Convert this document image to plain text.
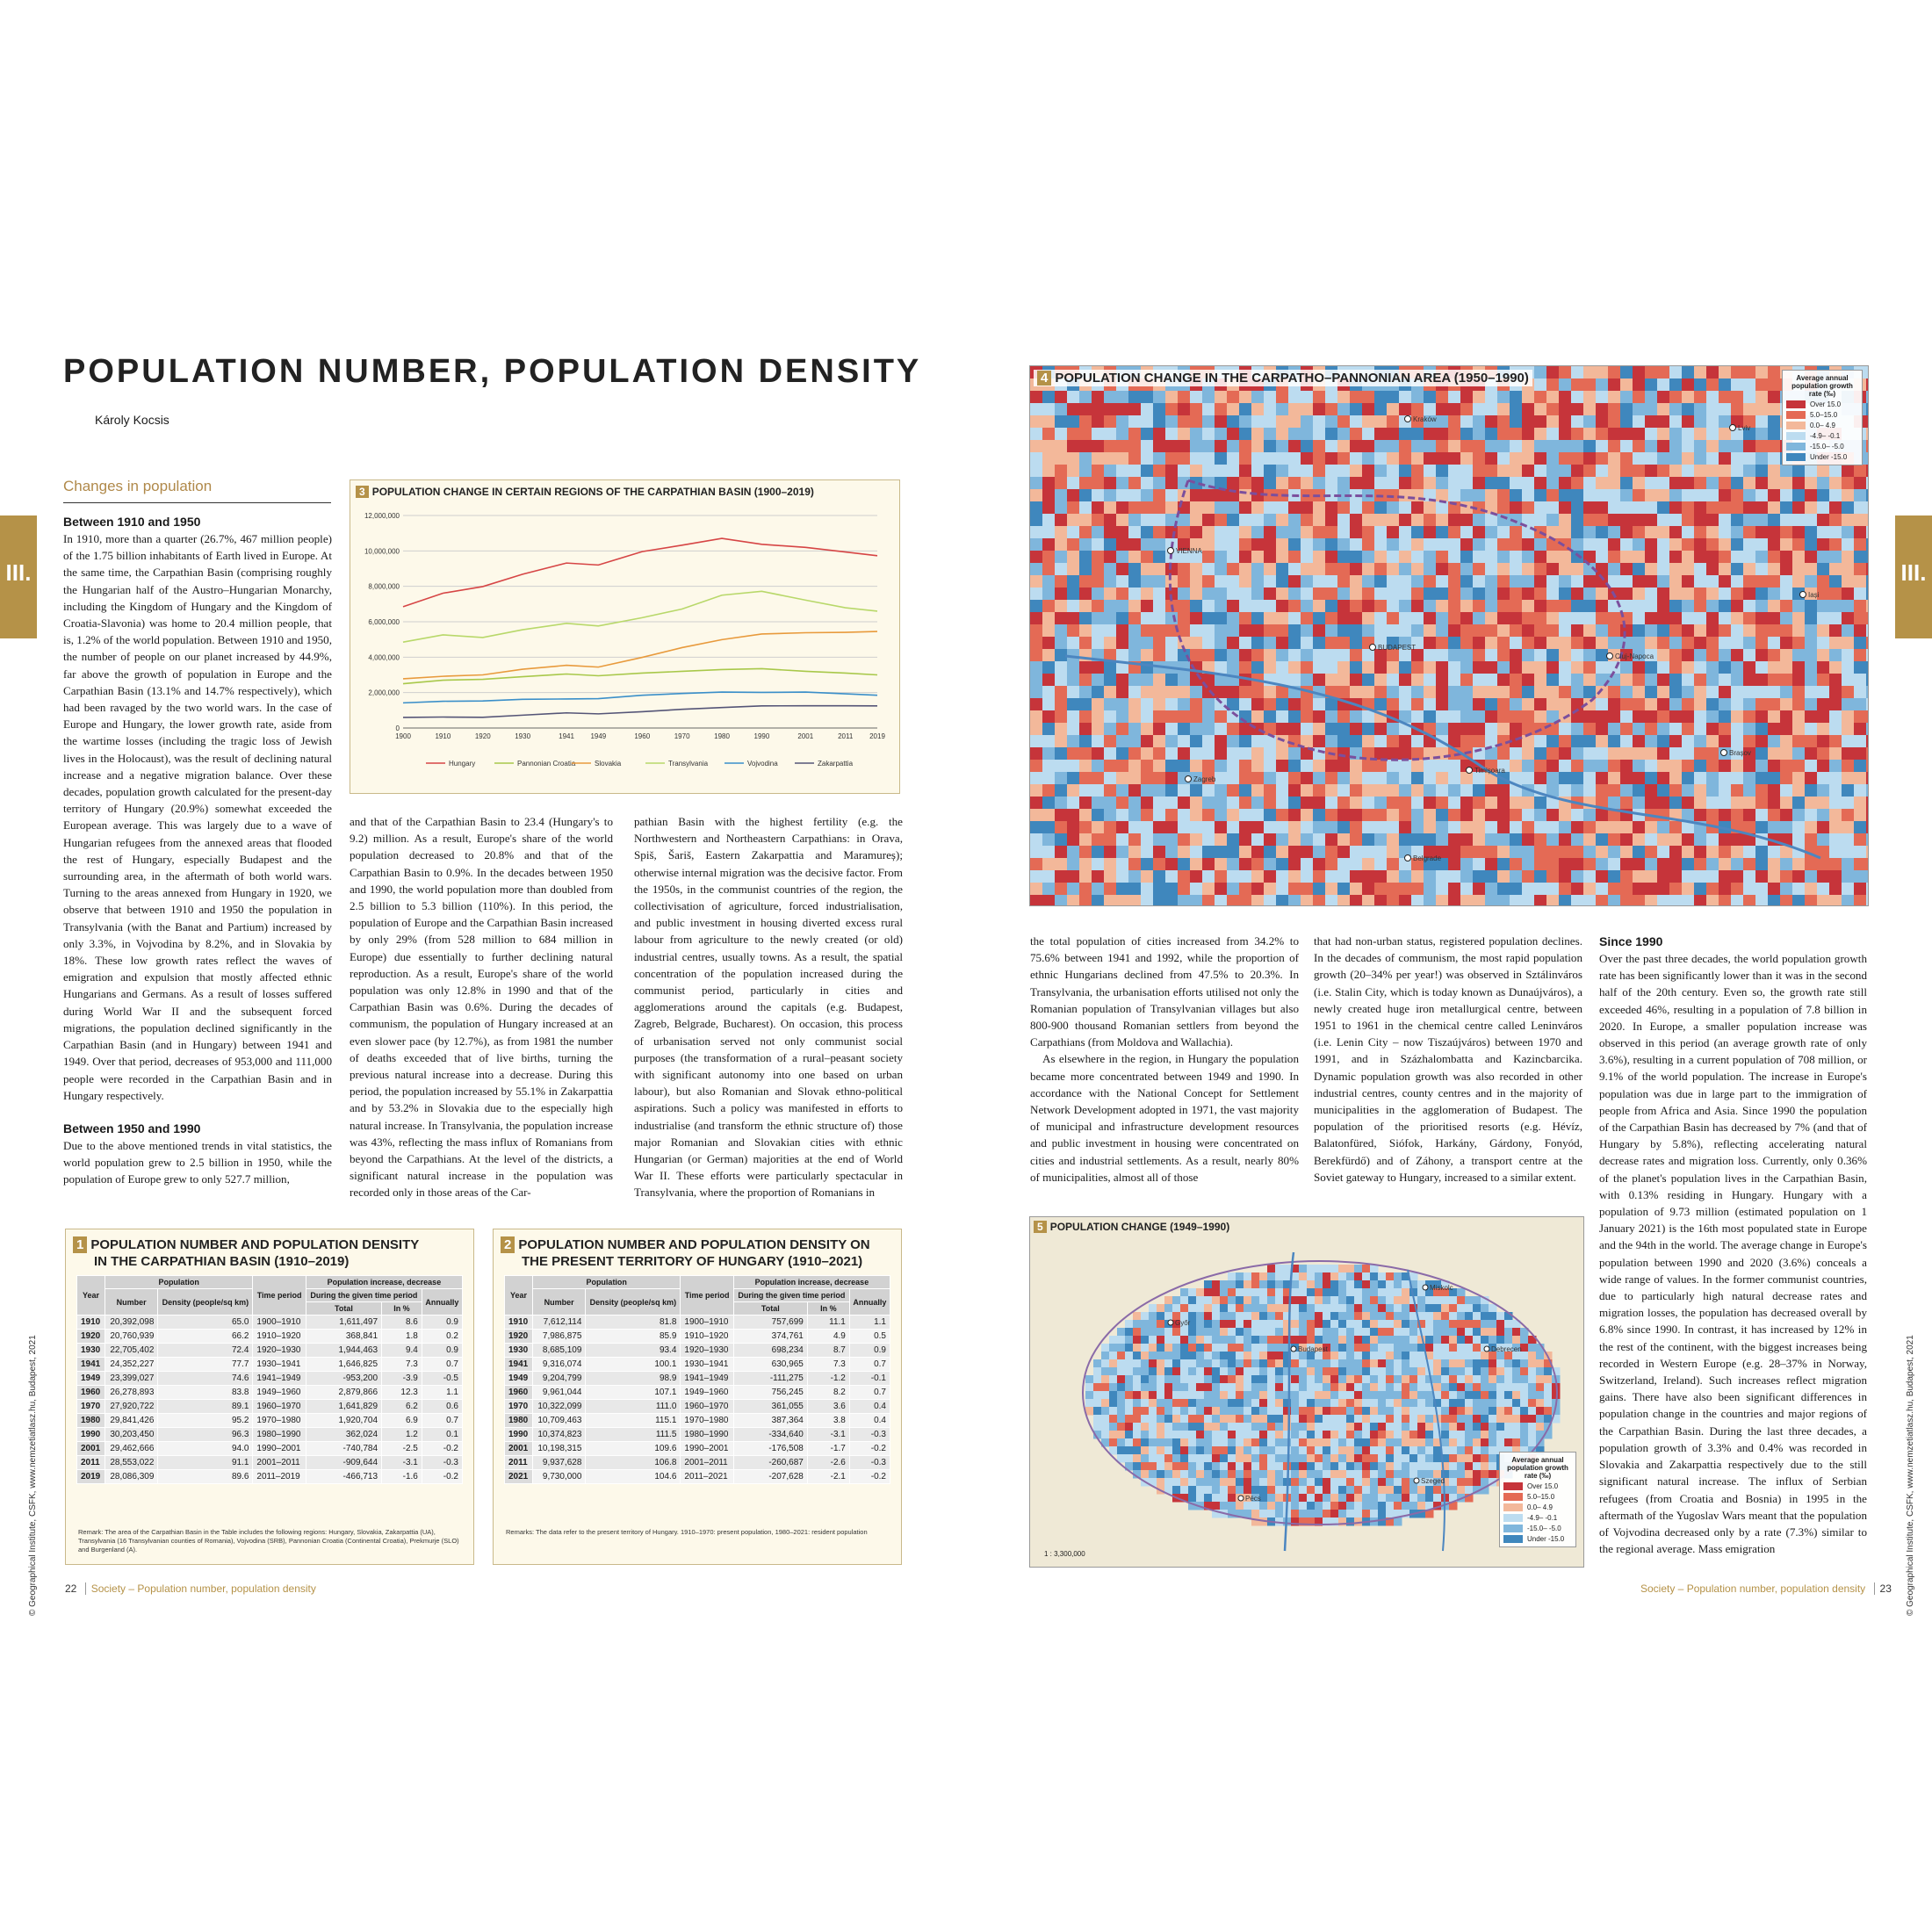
POPULATION NUMBER, POPULATION DENSITY
Károly Kocsis
Changes in population
III.	III.
© Geographical Institute, CSFK, www.nemzetiatlasz.hu, Budapest, 2021	© Geographical Institute, CSFK, www.nemzetiatlasz.hu, Budapest, 2021
Between 1910 and 1950

In 1910, more than a quarter (26.7%, 467 million people) of the 1.75 billion inhabitants of Earth lived in Europe. At the same time, the Carpathian Basin (comprising roughly the Hungarian half of the Austro–Hungarian Monarchy, including the Kingdom of Hungary and the Kingdom of Croatia-Slavonia) was home to 20.4 million people, that is, 1.2% of the world population. Between 1910 and 1950, the number of people on our planet increased by 44.9%, far above the growth of population in Europe and the Carpathian Basin (13.1% and 14.7% respectively), which had been ravaged by the two world wars. In the case of Europe and Hungary, the lower growth rate, aside from the wartime losses (including the tragic loss of Jewish lives in the Holocaust), was the result of declining natural increase and a negative migration balance. Over these decades, population growth calculated for the present-day territory of Hungary (20.9%) somewhat exceeded the European average. This was largely due to a wave of Hungarian refugees from the annexed areas that flooded the rest of Hungary, especially Budapest and the surrounding area, in the aftermath of both world wars. Turning to the areas annexed from Hungary in 1920, we observe that between 1910 and 1950 the population in Transylvania (with the Banat and Partium) increased by only 3.3%, in Vojvodina by 8.2%, and in Slovakia by 18%. These low growth rates reflect the waves of emigration and expulsion that mostly affected ethnic Hungarians and Germans. As a result of losses suffered during World War II and the subsequent forced migrations, the population declined significantly in the Carpathian Basin (and in Hungary) between 1941 and 1949. Over that period, decreases of 953,000 and 111,000 people were recorded in the Carpathian Basin and in Hungary respectively.

Between 1950 and 1990

Due to the above mentioned trends in vital statistics, the world population grew to 2.5 billion in 1950, while the population of Europe grew to only 527.7 million,

3 POPULATION CHANGE IN CERTAIN REGIONS OF THE CARPATHIAN BASIN (1900–2019)
0
2,000,000
4,000,000
6,000,000
8,000,000
10,000,000
12,000,000
1900	1910	1920	1930	1941 1949	1960	1970	1980	1990	2001	2011 2019
Hungary	Pannonian Croatia	Slovakia	Transylvania	Vojvodina	Zakarpattia

and that of the Carpathian Basin to 23.4 (Hungary's to 9.2) million. As a result, Europe's share of the world population decreased to 20.8% and that of the Carpathian Basin to 0.9%. In the decades between 1950 and 1990, the world population more than doubled from 2.5 billion to 5.3 billion (110%). In this period, the population of Europe and the Carpathian Basin increased by only 29% (from 528 million to 684 million in Europe) due essentially to further declining natural reproduction. As a result, Europe's share of the world population was only 12.8% in 1990 and that of the Carpathian Basin was 0.6%. During the decades of communism, the population of Hungary increased at an even slower pace (by 12.7%), as from 1981 the number of deaths exceeded that of live births, turning the previous natural increase into a decrease. During this period, the population increased by 55.1% in Zakarpattia and by 53.2% in Slovakia due to the especially high natural increase. In Transylvania, the population increase was 43%, reflecting the mass influx of Romanians from beyond the Carpathians. At the level of the districts, a significant natural increase in the population was recorded only in those areas of the Car-

pathian Basin with the highest fertility (e.g. the Northwestern and Northeastern Carpathians: in Orava, Spiš, Šariš, Eastern Zakarpattia and Maramureș); otherwise internal migration was the decisive factor. From the 1950s, in the communist countries of the region, the collectivisation of agriculture, forced industrialisation, and public investment in housing diverted excess rural labour from agriculture to the newly created (or old) industrial centres, usually towns. As a result, the spatial concentration of the population increased during the communist period, particularly in cities and agglomerations around the capitals (e.g. Budapest, Zagreb, Belgrade, Bucharest). On occasion, this process of urbanisation served not only communist social purposes (the transformation of a rural–peasant society with significant autonomy into one based on urban labour), but also Romanian and Slovak ethno-political aspirations. Such a policy was manifested in efforts to industrialise (and transform the ethnic structure of) those major Romanian and Slovakian cities with ethnic Hungarian (or German) majorities at the end of World War II. These efforts were particularly spectacular in Transylvania, where the proportion of Romanians in

1 POPULATION NUMBER AND POPULATION DENSITY
IN THE CARPATHIAN BASIN (1910–2019)
Year	Population		Time period	Population increase, decrease		
	Number	Density (people/sq km)		During the given time period		Annually
				Total	In %	
1910	20,392,098	65.0	1900–1910	1,611,497	8.6	0.9
1920	20,760,939	66.2	1910–1920	368,841	1.8	0.2
1930	22,705,402	72.4	1920–1930	1,944,463	9.4	0.9
1941	24,352,227	77.7	1930–1941	1,646,825	7.3	0.7
1949	23,399,027	74.6	1941–1949	-953,200	-3.9	-0.5
1960	26,278,893	83.8	1949–1960	2,879,866	12.3	1.1
1970	27,920,722	89.1	1960–1970	1,641,829	6.2	0.6
1980	29,841,426	95.2	1970–1980	1,920,704	6.9	0.7
1990	30,203,450	96.3	1980–1990	362,024	1.2	0.1
2001	29,462,666	94.0	1990–2001	-740,784	-2.5	-0.2
2011	28,553,022	91.1	2001–2011	-909,644	-3.1	-0.3
2019	28,086,309	89.6	2011–2019	-466,713	-1.6	-0.2
Remark: The area of the Carpathian Basin in the Table includes the following regions: Hungary, Slovakia, Zakarpattia (UA), Transylvania (16 Transylvanian counties of Romania), Vojvodina (SRB), Pannonian Croatia (Continental Croatia), Prekmurje (SLO) and Burgenland (A).
2 POPULATION NUMBER AND POPULATION DENSITY ON
THE PRESENT TERRITORY OF HUNGARY (1910–2021)
Year	Population		Time period	Population increase, decrease		
	Number	Density (people/sq km)		During the given time period		Annually
				Total	In %	
1910	7,612,114	81.8	1900–1910	757,699	11.1	1.1
1920	7,986,875	85.9	1910–1920	374,761	4.9	0.5
1930	8,685,109	93.4	1920–1930	698,234	8.7	0.9
1941	9,316,074	100.1	1930–1941	630,965	7.3	0.7
1949	9,204,799	98.9	1941–1949	-111,275	-1.2	-0.1
1960	9,961,044	107.1	1949–1960	756,245	8.2	0.7
1970	10,322,099	111.0	1960–1970	361,055	3.6	0.4
1980	10,709,463	115.1	1970–1980	387,364	3.8	0.4
1990	10,374,823	111.5	1980–1990	-334,640	-3.1	-0.3
2001	10,198,315	109.6	1990–2001	-176,508	-1.7	-0.2
2011	9,937,628	106.8	2001–2011	-260,687	-2.6	-0.3
2021	9,730,000	104.6	2011–2021	-207,628	-2.1	-0.2
Remarks: The data refer to the present territory of Hungary. 1910–1970: present population, 1980–2021: resident population
22 Society – Population number, population density
BUDAPEST
VIENNA
Kraków
Lviv
Cluj-Napoca
Timișoara
Belgrade
Zagreb
Iași
Brașov
4 POPULATION CHANGE IN THE CARPATHO–PANNONIAN AREA (1950–1990)	Average annual population growth rate (‰)
Over 15.0
5.0–15.0
0.0– 4.9
-4.9– -0.1
-15.0– -5.0
Under -15.0

the total population of cities increased from 34.2% to 75.6% between 1941 and 1992, while the proportion of ethnic Hungarians declined from 47.5% to 20.3%. In Transylvania, the urbanisation efforts utilised not only the Romanian population of Transylvanian villages but also 800-900 thousand Romanian settlers from beyond the Carpathians (from Moldova and Wallachia).

As elsewhere in the region, in Hungary the population became more concentrated between 1949 and 1990. In accordance with the National Concept for Settlement Network Development adopted in 1971, the vast majority of municipal and infrastructure development resources and public investment in housing were concentrated on cities and industrial settlements. As a result, nearly 80% of municipalities, almost all of those

that had non-urban status, registered population declines. In the decades of communism, the most rapid population growth (20–34% per year!) was observed in Sztálinváros (i.e. Stalin City, which is today known as Dunaújváros), a newly created huge iron metallurgical centre, between 1951 to 1961 in the chemical centre called Leninváros (i.e. Lenin City – now Tiszaújváros) between 1970 and 1991, and in Százhalombatta and Kazincbarcika. Dynamic population growth was also recorded in other industrial centres, county centres and in the majority of municipalities in the agglomeration of Budapest. The population of the prioritised resorts (e.g. Hévíz, Balatonfüred, Siófok, Harkány, Gárdony, Fonyód, Berekfürdő) and of Záhony, a transport centre at the Soviet gateway to Hungary, increased to a similar extent.

Since 1990

Over the past three decades, the world population growth rate has been significantly lower than it was in the second half of the 20th century. Even so, the growth rate still exceeded 46%, resulting in a population of 7.8 billion in 2020. In Europe, a smaller population increase was observed in this period (an average growth rate of only 3.6%), resulting in a current population of 708 million, or 9.1% of the world population. The increase in Europe's population was due in large part to the immigration of people from Africa and Asia. Since 1990 the population of the Carpathian Basin has decreased by 7% (and that of Hungary by 5.8%), reflecting accelerating natural decrease rates and migration loss. Currently, only 0.36% of the planet's population lives in the Carpathian Basin, with 0.13% residing in Hungary. Hungary with a population of 9.73 million (estimated population on 1 January 2021) is the 16th most populated state in Europe and the 94th in the world. The average change in Europe's population between 1990 and 2020 (3.6%) conceals a wide range of values. In the former communist countries, due to particularly high natural decrease rates and migration losses, the population has decreased overall by 6.8% since 1990. In contrast, it has increased by 12% in the rest of the continent, with the biggest increases being recorded in Western Europe (e.g. 28–37% in Norway, Switzerland, Ireland). Such increases reflect migration gains. There have also been significant differences in population change in the countries and major regions of the Carpathian Basin. During the last three decades, a population growth of 3.3% and 0.4% was recorded in Slovakia and Zakarpattia respectively due to the still significant natural increase. The influx of Serbian refugees (from Croatia and Bosnia) in 1995 in the aftermath of the Yugoslav Wars meant that the population of Vojvodina decreased only by a rate (7.3%) similar to the regional average. Mass emigration

Budapest	Debrecen
Szeged
Pécs
Győr
Miskolc
5 POPULATION CHANGE (1949–1990)
Average annual population growth rate (‰)
Over 15.0
5.0–15.0
0.0– 4.9
-4.9– -0.1
-15.0– -5.0
Under -15.0
1 : 3,300,000
Society – Population number, population density 23
